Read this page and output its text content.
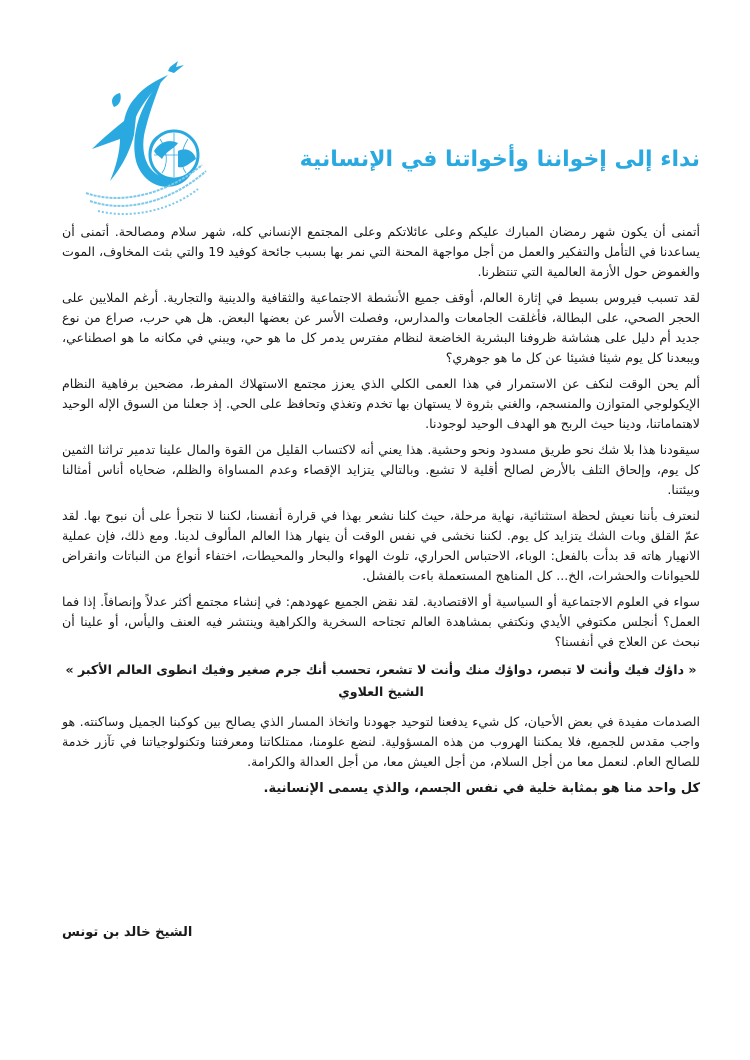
نداء إلى إخواننا وأخواتنا في الإنسانية

أتمنى أن يكون شهر رمضان المبارك عليكم وعلى عائلاتكم وعلى المجتمع الإنساني كله، شهر سلام ومصالحة. أتمنى أن يساعدنا في التأمل والتفكير والعمل من أجل مواجهة المحنة التي نمر بها بسبب جائحة كوفيد 19 والتي بثت المخاوف، الموت والغموض حول الأزمة العالمية التي تنتظرنا.

لقد تسبب فيروس بسيط في إثارة العالم، أوقف جميع الأنشطة الاجتماعية والثقافية والدينية والتجارية. أرغم الملايين على الحجر الصحي، على البطالة، فأغلقت الجامعات والمدارس، وفصلت الأسر عن بعضها البعض. هل هي حرب، صراع من نوع جديد أم دليل على هشاشة ظروفنا البشرية الخاضعة لنظام مفترس يدمر كل ما هو حي، ويبني في مكانه ما هو اصطناعي، ويبعدنا كل يوم شيئا فشيئا عن كل ما هو جوهري؟

ألم يحن الوقت لنكف عن الاستمرار في هذا العمى الكلي الذي يعزز مجتمع الاستهلاك المفرط، مضحين برفاهية النظام الإيكولوجي المتوازن والمنسجم، والغني بثروة لا يستهان بها تخدم وتغذي وتحافظ على الحي. إذ جعلنا من السوق الإله الوحيد لاهتماماتنا، ودينا حيث الربح هو الهدف الوحيد لوجودنا.

سيقودنا هذا بلا شك نحو طريق مسدود ونحو وحشية. هذا يعني أنه لاكتساب القليل من القوة والمال علينا تدمير تراثنا الثمين كل يوم، وإلحاق التلف بالأرض لصالح أقلية لا تشبع. وبالتالي يتزايد الإقصاء وعدم المساواة والظلم، ضحاياه أناس أمثالنا وبيئتنا.

لنعترف بأننا نعيش لحظة استثنائية، نهاية مرحلة، حيث كلنا نشعر بهذا في قرارة أنفسنا، لكننا لا نتجرأ على أن نبوح بها. لقد عمّ القلق وبات الشك يتزايد كل يوم. لكننا نخشى في نفس الوقت أن ينهار هذا العالم المألوف لدينا. ومع ذلك، فإن عملية الانهيار هاته قد بدأت بالفعل: الوباء، الاحتباس الحراري، تلوث الهواء والبحار والمحيطات، اختفاء أنواع من النباتات وانقراض للحيوانات والحشرات، الخ... كل المناهج المستعملة باءت بالفشل.

سواء في العلوم الاجتماعية أو السياسية أو الاقتصادية. لقد نقض الجميع عهودهم: في إنشاء مجتمع أكثر عدلاً وإنصافاً. إذا فما العمل؟ أنجلس مكتوفي الأيدي ونكتفي بمشاهدة العالم تجتاحه السخرية والكراهية وينتشر فيه العنف واليأس، أو علينا أن نبحث عن العلاج في أنفسنا؟

« داؤك فيك وأنت لا تبصر، دواؤك منك وأنت لا تشعر، تحسب أنك جرم صغير وفيك انطوى العالم الأكبر »
الشيخ العلاوي

الصدمات مفيدة في بعض الأحيان، كل شيء يدفعنا لتوحيد جهودنا واتخاذ المسار الذي يصالح بين كوكبنا الجميل وساكنته. هو واجب مقدس للجميع، فلا يمكننا الهروب من هذه المسؤولية. لنضع علومنا، ممتلكاتنا ومعرفتنا وتكنولوجياتنا في تآزر خدمة للصالح العام. لنعمل معا من أجل السلام، من أجل العيش معا، من أجل العدالة والكرامة.

كل واحد منا هو بمثابة خلية في نفس الجسم، والذي يسمى الإنسانية.

الشيخ خالد بن تونس
